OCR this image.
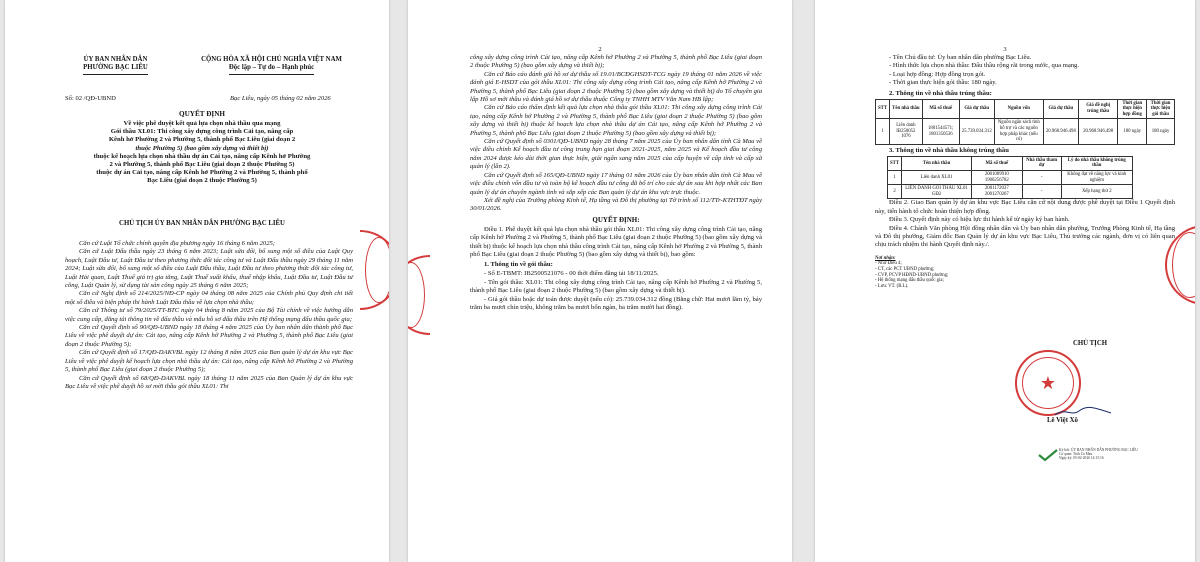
ỦY BAN NHÂN DÂN
PHƯỜNG BẠC LIÊU
CỘNG HÒA XÃ HỘI CHỦ NGHĨA VIỆT NAM
Độc lập – Tự do – Hạnh phúc
Số: 02 /QĐ-UBND	Bạc Liêu, ngày 05 tháng 02 năm 2026
QUYẾT ĐỊNH
Về việc phê duyệt kết quả lựa chọn nhà thầu qua mạng
Gói thầu XL01: Thi công xây dựng công trình Cải tạo, nâng cấp
Kênh hở Phường 2 và Phường 5, thành phố Bạc Liêu (giai đoạn 2
thuộc Phường 5) (bao gồm xây dựng và thiết bị)
thuộc kế hoạch lựa chọn nhà thầu dự án Cải tạo, nâng cấp Kênh hở Phường
2 và Phường 5, thành phố Bạc Liêu (giai đoạn 2 thuộc Phường 5)
thuộc dự án Cải tạo, nâng cấp Kênh hở Phường 2 và Phường 5, thành phố
Bạc Liêu (giai đoạn 2 thuộc Phường 5)
CHỦ TỊCH ỦY BAN NHÂN DÂN PHƯỜNG BẠC LIÊU
Căn cứ Luật Tổ chức chính quyền địa phương ngày 16 tháng 6 năm 2025;
Căn cứ Luật Đấu thầu ngày 23 tháng 6 năm 2023; Luật sửa đổi, bổ sung một số điều của Luật Quy hoạch, Luật Đầu tư, Luật Đầu tư theo phương thức đối tác công tư và Luật Đấu thầu ngày 29 tháng 11 năm 2024; Luật sửa đổi, bổ sung một số điều của Luật Đấu thầu, Luật Đầu tư theo phương thức đối tác công tư, Luật Hải quan, Luật Thuế giá trị gia tăng, Luật Thuế xuất khẩu, thuế nhập khẩu, Luật Đầu tư, Luật Đầu tư công, Luật Quản lý, sử dụng tài sản công ngày 25 tháng 6 năm 2025;
Căn cứ Nghị định số 214/2025/NĐ-CP ngày 04 tháng 08 năm 2025 của Chính phủ Quy định chi tiết một số điều và biện pháp thi hành Luật Đấu thầu về lựa chọn nhà thầu;
Căn cứ Thông tư số 79/2025/TT-BTC ngày 04 tháng 8 năm 2025 của Bộ Tài chính về việc hướng dẫn việc cung cấp, đăng tải thông tin về đấu thầu và mẫu hồ sơ đấu thầu trên Hệ thống mạng đấu thầu quốc gia;
Căn cứ Quyết định số 90/QĐ-UBND ngày 18 tháng 4 năm 2025 của Ủy ban nhân dân thành phố Bạc Liêu về việc phê duyệt dự án: Cải tạo, nâng cấp Kênh hở Phường 2 và Phường 5, thành phố Bạc Liêu (giai đoạn 2 thuộc Phường 5);
Căn cứ Quyết định số 17/QĐ-DAKVBL ngày 12 tháng 8 năm 2025 của Ban quản lý dự án khu vực Bạc Liêu về việc phê duyệt kế hoạch lựa chọn nhà thầu dự án: Cải tạo, nâng cấp Kênh hở Phường 2 và Phường 5, thành phố Bạc Liêu (giai đoạn 2 thuộc Phường 5);
Căn cứ Quyết định số 68/QĐ-DAKVBL ngày 18 tháng 11 năm 2025 của Ban Quản lý dự án khu vực Bạc Liêu về việc phê duyệt hồ sơ mời thầu gói thầu XL01: Thi
2
công xây dựng công trình Cải tạo, nâng cấp Kênh hở Phường 2 và Phường 5, thành phố Bạc Liêu (giai đoạn 2 thuộc Phường 5) (bao gồm xây dựng và thiết bị);
Căn cứ Báo cáo đánh giá hồ sơ dự thầu số 19.01/BCĐGHSDT-TCG ngày 19 tháng 01 năm 2026 về việc đánh giá E-HSDT của gói thầu XL01: Thi công xây dựng công trình Cải tạo, nâng cấp Kênh hở Phường 2 và Phường 5, thành phố Bạc Liêu (giai đoạn 2 thuộc Phường 5) (bao gồm xây dựng và thiết bị) do Tổ chuyên gia lập Hồ sơ mời thầu và đánh giá hồ sơ dự thầu thuộc Công ty TNHH MTV Văn Nam HB lập;
Căn cứ Báo cáo thẩm định kết quả lựa chọn nhà thầu gói thầu XL01: Thi công xây dựng công trình Cải tạo, nâng cấp Kênh hở Phường 2 và Phường 5, thành phố Bạc Liêu (giai đoạn 2 thuộc Phường 5) (bao gồm xây dựng và thiết bị) thuộc kế hoạch lựa chọn nhà thầu dự án Cải tạo, nâng cấp Kênh hở Phường 2 và Phường 5, thành phố Bạc Liêu (giai đoạn 2 thuộc Phường 5) (bao gồm xây dựng và thiết bị);
Căn cứ Quyết định số 0301/QĐ-UBND ngày 28 tháng 7 năm 2025 của Ủy ban nhân dân tỉnh Cà Mau về việc điều chỉnh Kế hoạch đầu tư công trung hạn giai đoạn 2021-2025, năm 2025 và Kế hoạch đầu tư công năm 2024 được kéo dài thời gian thực hiện, giải ngân sang năm 2025 của cấp huyện về cấp tỉnh và cấp xã quản lý (lần 2).
Căn cứ Quyết định số 165/QĐ-UBND ngày 17 tháng 01 năm 2026 của Ủy ban nhân dân tỉnh Cà Mau về việc điều chỉnh vốn đầu tư và toàn bộ kế hoạch đầu tư công đã bố trí cho các dự án sau khi hợp nhất các Ban quản lý dự án chuyên ngành tỉnh và sắp xếp các Ban quản lý dự án khu vực trực thuộc.
Xét đề nghị của Trưởng phòng Kinh tế, Hạ tầng và Đô thị phường tại Tờ trình số 112/TTr-KTHTĐT ngày 30/01/2026.
QUYẾT ĐỊNH:
Điều 1. Phê duyệt kết quả lựa chọn nhà thầu gói thầu XL01: Thi công xây dựng công trình Cải tạo, nâng cấp Kênh hở Phường 2 và Phường 5, thành phố Bạc Liêu (giai đoạn 2 thuộc Phường 5) (bao gồm xây dựng và thiết bị) thuộc kế hoạch lựa chọn nhà thầu công trình Cải tạo, nâng cấp Kênh hở Phường 2 và Phường 5, thành phố Bạc Liêu (giai đoạn 2 thuộc Phường 5) (bao gồm xây dựng và thiết bị), bao gồm:
1. Thông tin về gói thầu:
- Số E-TBMT: IB2500521076 - 00 thời điểm đăng tải 18/11/2025.
- Tên gói thầu: XL01: Thi công xây dựng công trình Cải tạo, nâng cấp Kênh hở Phường 2 và Phường 5, thành phố Bạc Liêu (giai đoạn 2 thuộc Phường 5) (bao gồm xây dựng và thiết bị).
- Giá gói thầu hoặc dự toán được duyệt (nếu có): 25.739.034.312 đồng (Bằng chữ: Hai mươi lăm tỷ, bảy trăm ba mươi chín triệu, không trăm ba mươi bốn ngàn, ba trăm mười hai đồng).
3
- Tên Chủ đầu tư: Ủy ban nhân dân phường Bạc Liêu.
- Hình thức lựa chọn nhà thầu: Đấu thầu rộng rãi trong nước, qua mạng.
- Loại hợp đồng: Hợp đồng trọn gói.
- Thời gian thực hiện gói thầu: 180 ngày.
2. Thông tin về nhà thầu trúng thầu:
STT	Tên nhà thầu	Mã số thuế	Giá dự thầu	Nguồn vốn	Giá dự thầu	Giá đề nghị trúng thầu	Thời gian thực hiện hợp đồng	Thời gian thực hiện gói thầu
1	Liên danh IB250052 1076	1801544571; 1801350536	25.739.034.312	Nguồn ngân sách tỉnh hỗ trợ và các nguồn hợp pháp khác (nếu có)	20.968.946.498	20.968.946.498	180 ngày	180 ngày
3. Thông tin về nhà thầu không trúng thầu
STT	Tên nhà thầu	Mã số thuế	Nhà thầu tham dự	Lý do nhà thầu không trúng thầu
1	Liên danh XL01	2001089910 1900256782	-	Không đạt về năng lực và kinh nghiệm
2	LIÊN DANH GÓI THẦU XL01 GĐ2	2001172037 2001270267	-	Xếp hạng thứ 2
Điều 2. Giao Ban quản lý dự án khu vực Bạc Liêu căn cứ nội dung được phê duyệt tại Điều 1 Quyết định này, tiến hành tổ chức hoàn thiện hợp đồng.
Điều 3. Quyết định này có hiệu lực thi hành kể từ ngày ký ban hành.
Điều 4. Chánh Văn phòng Hội đồng nhân dân và Ủy ban nhân dân phường, Trưởng Phòng Kinh tế, Hạ tầng và Đô thị phường, Giám đốc Ban Quản lý dự án khu vực Bạc Liêu, Thủ trưởng các ngành, đơn vị có liên quan chịu trách nhiệm thi hành Quyết định này./.
Nơi nhận:
- Như Điều 4;
- CT, các PCT UBND phường;
- CVP, PCVP HĐND-UBND phường;
- Hệ thống mạng đấu thầu quốc gia;
- Lưu: VT. (B.L).
CHỦ TỊCH
★
Lê Việt Xô
Ký bởi: ỦY BAN NHÂN DÂN PHƯỜNG BẠC LIÊU
Cơ quan: Tỉnh Cà Mau
Ngày ký: 05-02-2026 14:15:16
